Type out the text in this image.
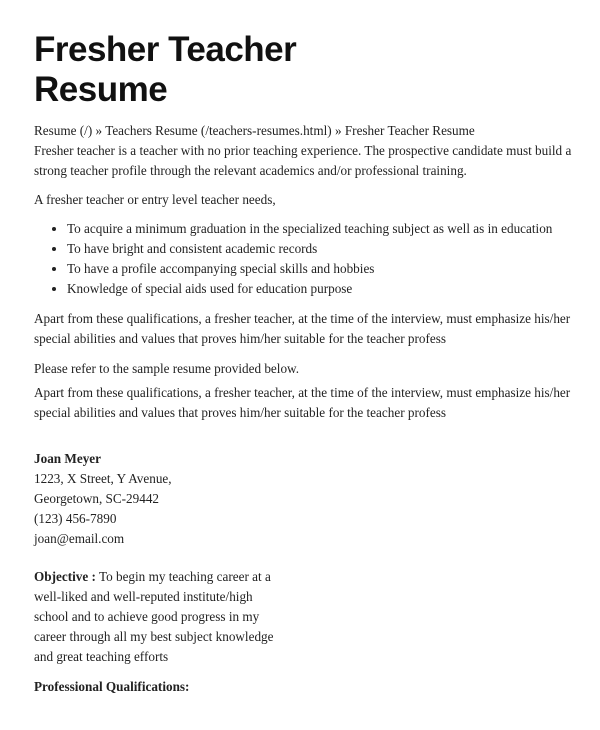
Fresher Teacher
Resume
Resume (/) » Teachers Resume (/teachers-resumes.html) » Fresher Teacher Resume

Fresher teacher is a teacher with no prior teaching experience. The prospective candidate must build a strong teacher profile through the relevant academics and/or professional training.

A fresher teacher or entry level teacher needs,

• To acquire a minimum graduation in the specialized teaching subject as well as in education
• To have bright and consistent academic records
• To have a profile accompanying special skills and hobbies
• Knowledge of special aids used for education purpose

Apart from these qualifications, a fresher teacher, at the time of the interview, must emphasize his/her special abilities and values that proves him/her suitable for the teacher profess

Please refer to the sample resume provided below.

Apart from these qualifications, a fresher teacher, at the time of the interview, must emphasize his/her special abilities and values that proves him/her suitable for the teacher profess

Joan Meyer
1223, X Street, Y Avenue,
Georgetown, SC-29442
(123) 456-7890
joan@email.com

Objective : To begin my teaching career at a well-liked and well-reputed institute/high school and to achieve good progress in my career through all my best subject knowledge and great teaching efforts

Professional Qualifications:
